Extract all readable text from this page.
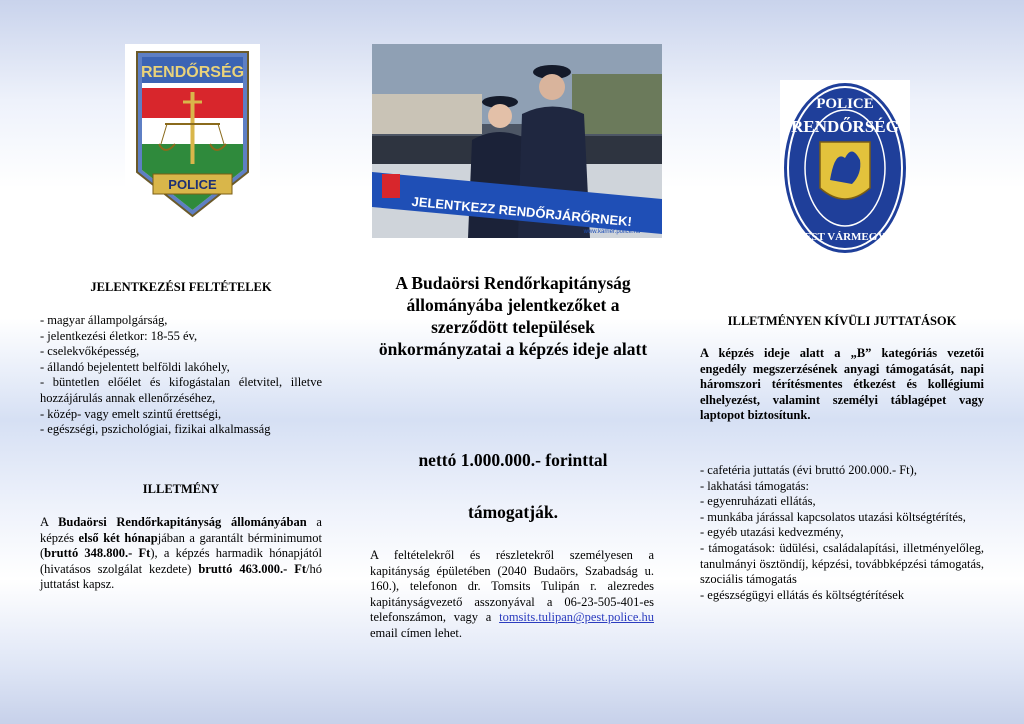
RENDŐRSÉG
POLICE
JELENTKEZZ RENDŐRJÁRŐRNEK!
www.karrier.police.hu
POLICE
RENDŐRSÉG
PEST VÁRMEGYE
JELENTKEZÉSI FELTÉTELEK

- magyar állampolgárság,

- jelentkezési életkor: 18-55 év,

- cselekvőképesség,

- állandó bejelentett belföldi lakóhely,

- büntetlen előélet és kifogástalan életvitel, illetve hozzájárulás annak ellenőrzéséhez,

- közép- vagy emelt szintű érettségi,

- egészségi, pszichológiai, fizikai alkalmasság

ILLETMÉNY
A Budaörsi Rendőrkapitányság állományában a képzés első két hónapjában a garantált bérminimumot (bruttó 348.800.- Ft), a képzés harmadik hónapjától (hivatásos szolgálat kezdete) bruttó 463.000.- Ft/hó juttatást kapsz.
A Budaörsi Rendőrkapitányság állományába jelentkezőket a szerződött települések önkormányzatai a képzés ideje alatt
nettó 1.000.000.- forinttal
támogatják.
A feltételekről és részletekről személyesen a kapitányság épületében (2040 Budaörs, Szabadság u. 160.), telefonon dr. Tomsits Tulipán r. alezredes kapitányságvezető asszonyával a 06-23-505-401-es telefonszámon, vagy a tomsits.tulipan@pest.police.hu email címen lehet.
ILLETMÉNYEN KÍVÜLI JUTTATÁSOK
A képzés ideje alatt a „B” kategóriás vezetői engedély megszerzésének anyagi támogatását, napi háromszori térítésmentes étkezést és kollégiumi elhelyezést, valamint személyi táblagépet vagy laptopot biztosítunk.

- cafetéria juttatás (évi bruttó 200.000.- Ft),

- lakhatási támogatás:

- egyenruházati ellátás,

- munkába járással kapcsolatos utazási költségtérítés,

- egyéb utazási kedvezmény,

- támogatások: üdülési, családalapítási, illetményelőleg, tanulmányi ösztöndíj, képzési, továbbképzési támogatás, szociális támogatás

- egészségügyi ellátás és költségtérítések
